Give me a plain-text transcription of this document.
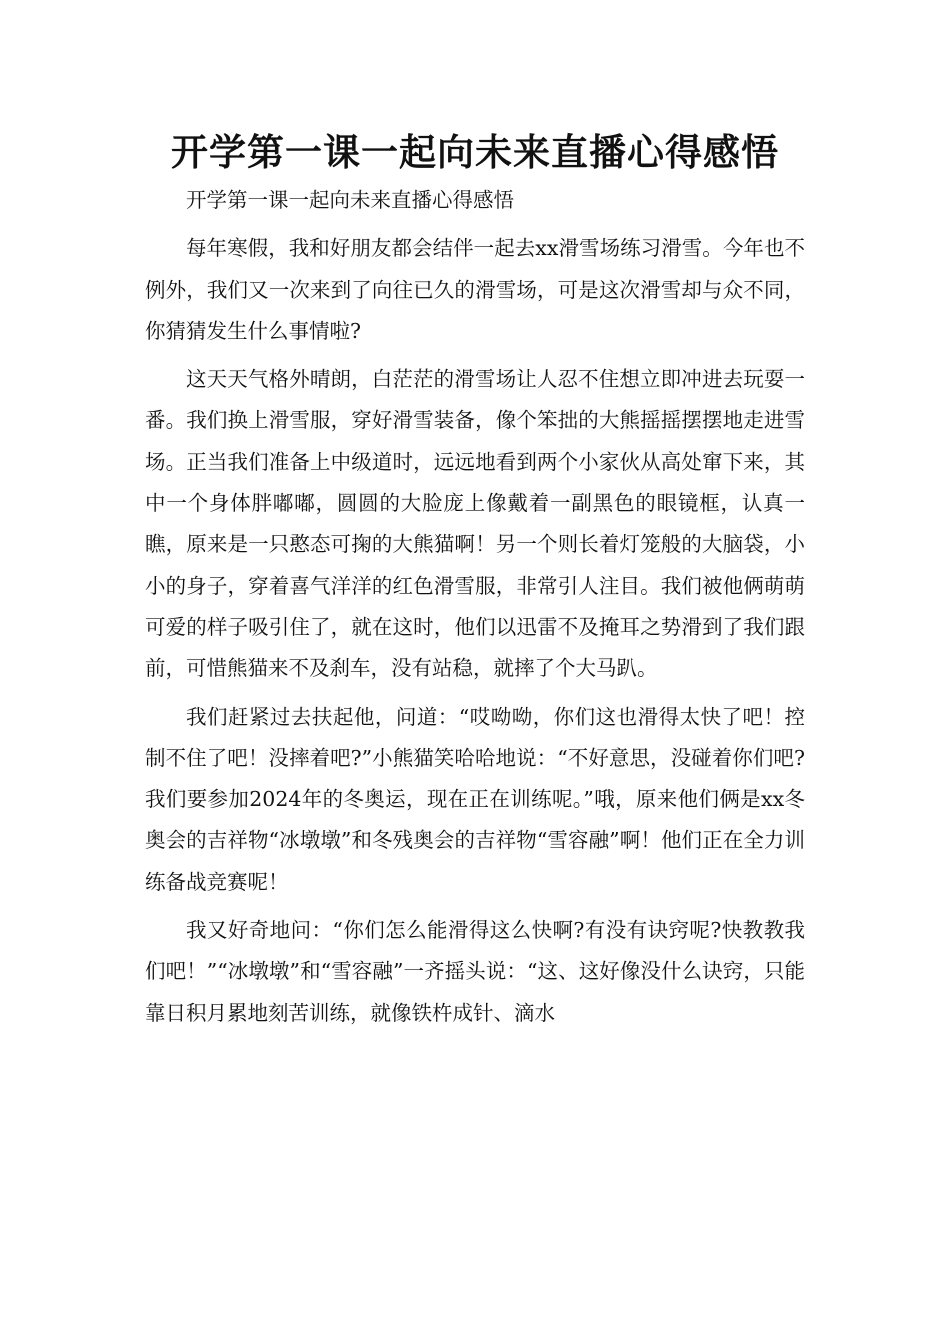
开学第一课一起向未来直播心得感悟

开学第一课一起向未来直播心得感悟

每年寒假，我和好朋友都会结伴一起去xx滑雪场练习滑雪。今年也不例外，我们又一次来到了向往已久的滑雪场，可是这次滑雪却与众不同，你猜猜发生什么事情啦?

这天天气格外晴朗，白茫茫的滑雪场让人忍不住想立即冲进去玩耍一番。我们换上滑雪服，穿好滑雪装备，像个笨拙的大熊摇摇摆摆地走进雪场。正当我们准备上中级道时，远远地看到两个小家伙从高处窜下来，其中一个身体胖嘟嘟，圆圆的大脸庞上像戴着一副黑色的眼镜框，认真一瞧，原来是一只憨态可掬的大熊猫啊！另一个则长着灯笼般的大脑袋，小小的身子，穿着喜气洋洋的红色滑雪服，非常引人注目。我们被他俩萌萌可爱的样子吸引住了，就在这时，他们以迅雷不及掩耳之势滑到了我们跟前，可惜熊猫来不及刹车，没有站稳，就摔了个大马趴。

我们赶紧过去扶起他，问道：“哎呦呦，你们这也滑得太快了吧！控制不住了吧！没摔着吧?”小熊猫笑哈哈地说：“不好意思，没碰着你们吧?我们要参加2024年的冬奥运，现在正在训练呢。”哦，原来他们俩是xx冬奥会的吉祥物“冰墩墩”和冬残奥会的吉祥物“雪容融”啊！他们正在全力训练备战竞赛呢！

我又好奇地问：“你们怎么能滑得这么快啊?有没有诀窍呢?快教教我们吧！”“冰墩墩”和“雪容融”一齐摇头说：“这、这好像没什么诀窍，只能靠日积月累地刻苦训练，就像铁杵成针、滴水
